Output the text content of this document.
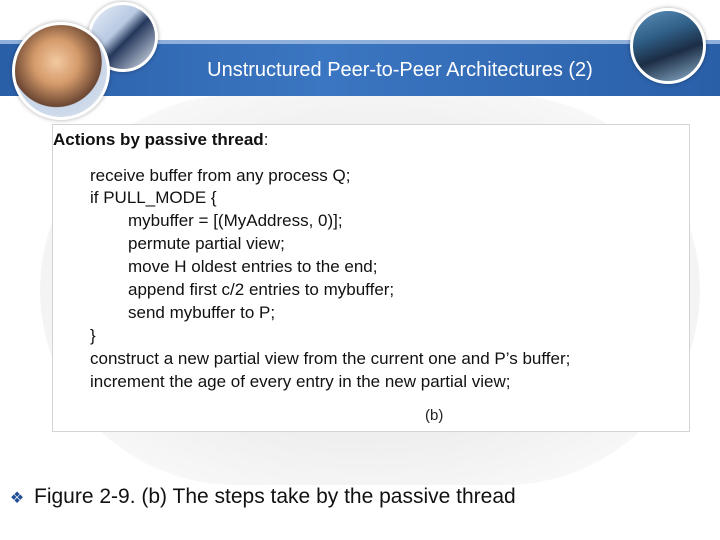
Unstructured Peer-to-Peer Architectures (2)
Actions by passive thread:
receive buffer from any process Q;
if PULL_MODE {
mybuffer = [(MyAddress, 0)];
permute partial view;
move H oldest entries to the end;
append first c/2 entries to mybuffer;
send mybuffer to P;
}
construct a new partial view from the current one and P’s buffer;
increment the age of every entry in the new partial view;
(b)
❖ Figure 2-9. (b) The steps take by the passive thread
